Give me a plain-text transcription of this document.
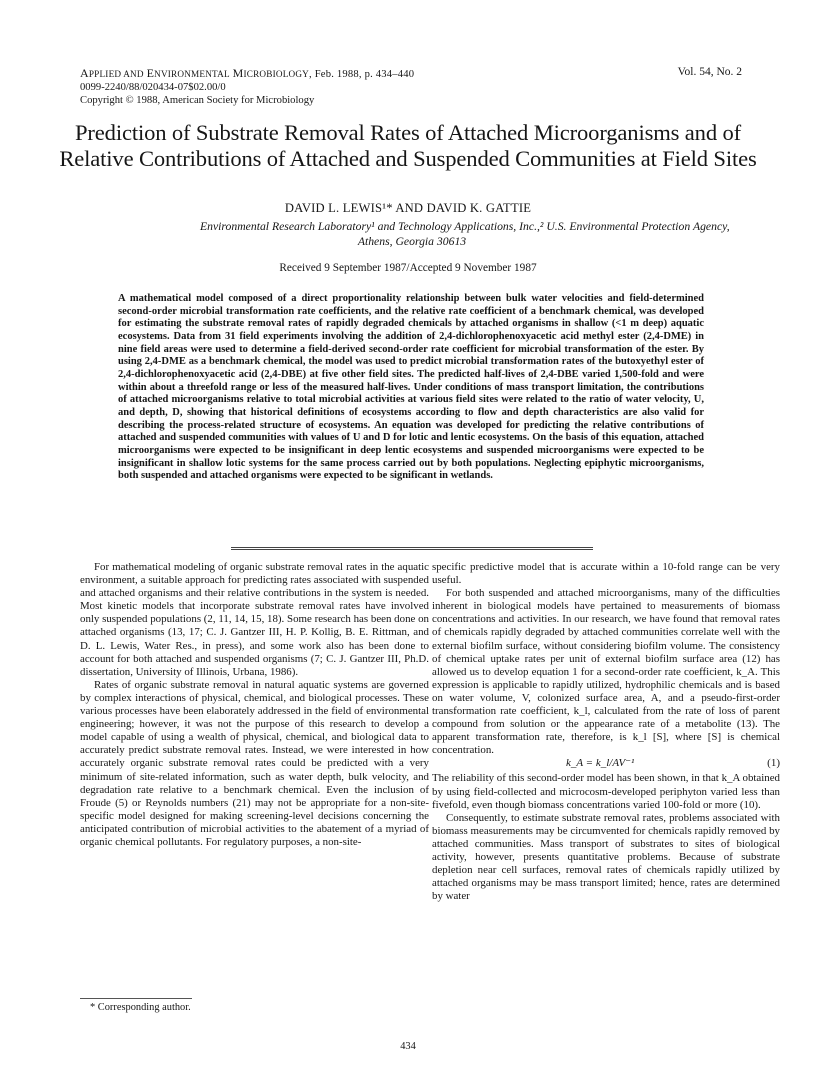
APPLIED AND ENVIRONMENTAL MICROBIOLOGY, Feb. 1988, p. 434–440
0099-2240/88/020434-07$02.00/0
Copyright © 1988, American Society for Microbiology
Vol. 54, No. 2
Prediction of Substrate Removal Rates of Attached Microorganisms and of Relative Contributions of Attached and Suspended Communities at Field Sites
DAVID L. LEWIS¹* AND DAVID K. GATTIE
Environmental Research Laboratory¹ and Technology Applications, Inc.,² U.S. Environmental Protection Agency,
Athens, Georgia 30613
Received 9 September 1987/Accepted 9 November 1987

A mathematical model composed of a direct proportionality relationship between bulk water velocities and field-determined second-order microbial transformation rate coefficients, and the relative rate coefficient of a benchmark chemical, was developed for estimating the substrate removal rates of rapidly degraded chemicals by attached organisms in shallow (<1 m deep) aquatic ecosystems. Data from 31 field experiments involving the addition of 2,4-dichlorophenoxyacetic acid methyl ester (2,4-DME) in nine field areas were used to determine a field-derived second-order rate coefficient for microbial transformation of the ester. By using 2,4-DME as a benchmark chemical, the model was used to predict microbial transformation rates of the butoxyethyl ester of 2,4-dichlorophenoxyacetic acid (2,4-DBE) at five other field sites. The predicted half-lives of 2,4-DBE varied 1,500-fold and were within about a threefold range or less of the measured half-lives. Under conditions of mass transport limitation, the contributions of attached microorganisms relative to total microbial activities at various field sites were related to the ratio of water velocity, U, and depth, D, showing that historical definitions of ecosystems according to flow and depth characteristics are also valid for describing the process-related structure of ecosystems. An equation was developed for predicting the relative contributions of attached and suspended communities with values of U and D for lotic and lentic ecosystems. On the basis of this equation, attached microorganisms were expected to be insignificant in deep lentic ecosystems and suspended microorganisms were expected to be insignificant in shallow lotic systems for the same process carried out by both populations. Neglecting epiphytic microorganisms, both suspended and attached organisms were expected to be significant in wetlands.

For mathematical modeling of organic substrate removal rates in the aquatic environment, a suitable approach for predicting rates associated with suspended and attached organisms and their relative contributions in the system is needed. Most kinetic models that incorporate substrate removal rates have involved only suspended populations (2, 11, 14, 15, 18). Some research has been done on attached organisms (13, 17; C. J. Gantzer III, H. P. Kollig, B. E. Rittman, and D. L. Lewis, Water Res., in press), and some work also has been done to account for both attached and suspended organisms (7; C. J. Gantzer III, Ph.D. dissertation, University of Illinois, Urbana, 1986).

Rates of organic substrate removal in natural aquatic systems are governed by complex interactions of physical, chemical, and biological processes. These various processes have been elaborately addressed in the field of environmental engineering; however, it was not the purpose of this research to develop a model capable of using a wealth of physical, chemical, and biological data to accurately predict substrate removal rates. Instead, we were interested in how accurately organic substrate removal rates could be predicted with a very minimum of site-related information, such as water depth, bulk velocity, and degradation rate relative to a benchmark chemical. Even the inclusion of Froude (5) or Reynolds numbers (21) may not be appropriate for a non-site-specific model designed for making screening-level decisions concerning the anticipated contribution of microbial activities to the abatement of a myriad of organic chemical pollutants. For regulatory purposes, a non-site-

specific predictive model that is accurate within a 10-fold range can be very useful.

For both suspended and attached microorganisms, many of the difficulties inherent in biological models have pertained to measurements of biomass concentrations and activities. In our research, we have found that removal rates of chemicals rapidly degraded by attached communities correlate well with the external biofilm surface, without considering biofilm volume. The consistency of chemical uptake rates per unit of external biofilm surface area (12) has allowed us to develop equation 1 for a second-order rate coefficient, k_A. This expression is applicable to rapidly utilized, hydrophilic chemicals and is based on water volume, V, colonized surface area, A, and a pseudo-first-order transformation rate coefficient, k_l, calculated from the rate of loss of parent compound from solution or the appearance rate of a metabolite (13). The apparent transformation rate, therefore, is k_l [S], where [S] is chemical concentration.

k_A = k_l/AV⁻¹	(1)

The reliability of this second-order model has been shown, in that k_A obtained by using field-collected and microcosm-developed periphyton varied less than fivefold, even though biomass concentrations varied 100-fold or more (10).

Consequently, to estimate substrate removal rates, problems associated with biomass measurements may be circumvented for chemicals rapidly removed by attached communities. Mass transport of substrates to sites of biological activity, however, presents quantitative problems. Because of substrate depletion near cell surfaces, removal rates of chemicals rapidly utilized by attached organisms may be mass transport limited; hence, rates are determined by water

* Corresponding author.
434
